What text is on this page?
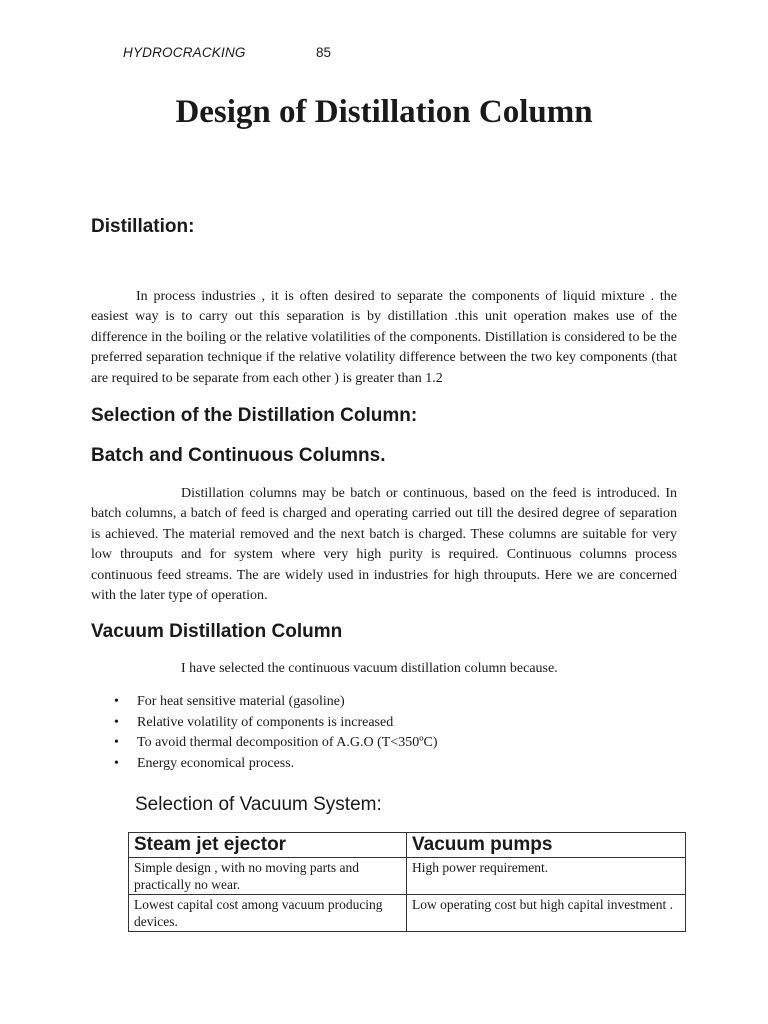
HYDROCRACKING	85
Design of Distillation Column
Distillation:
In process industries , it is often desired to separate the components of liquid mixture . the easiest way is to carry out this separation is by distillation .this unit operation makes use of the difference in the boiling or the relative volatilities of the components. Distillation is considered to be the preferred separation technique if the relative volatility difference between the two key components (that are required to be separate from each other ) is greater than 1.2
Selection of the Distillation Column:
Batch and Continuous Columns.
Distillation columns may be batch or continuous, based on the feed is introduced. In batch columns, a batch of feed is charged and operating carried out till the desired degree of separation is achieved. The material removed and the next batch is charged. These columns are suitable for very low throuputs and for system where very high purity is required. Continuous columns process continuous feed streams. The are widely used in industries for high throuputs. Here we are concerned with the later type of operation.
Vacuum Distillation Column
I have selected the continuous vacuum distillation column because.
• For heat sensitive material (gasoline)
• Relative volatility of components is increased
• To avoid thermal decomposition of A.G.O (T<350ºC)
• Energy economical process.
Selection of Vacuum System:
Steam jet ejector	Vacuum pumps
Simple design , with no moving parts and practically no wear.	High power requirement.
Lowest capital cost among vacuum producing devices.	Low operating cost but high capital investment .
